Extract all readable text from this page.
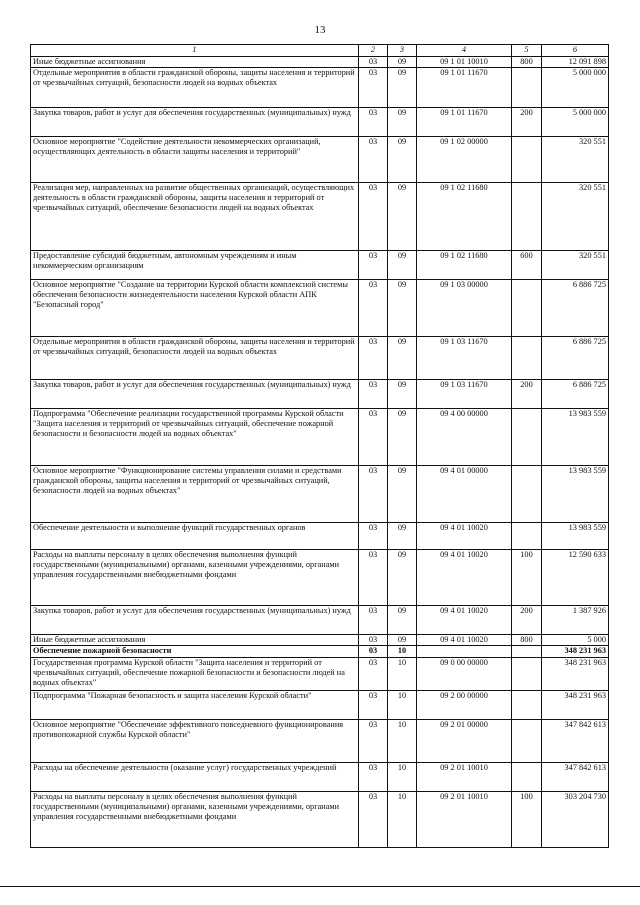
13
1	2	3	4	5	6
Иные бюджетные ассигнования	03	09	09 1 01 10010	800	12 091 898
Отдельные мероприятия в области гражданской обороны, защиты населения и территорий от чрезвычайных ситуаций, безопасности людей на водных объектах	03	09	09 1 01 11670		5 000 000
Закупка товаров, работ и услуг для обеспечения государственных (муниципальных) нужд	03	09	09 1 01 11670	200	5 000 000
Основное мероприятие "Содействие деятельности некоммерческих организаций, осуществляющих деятельность в области защиты населения и территорий"	03	09	09 1 02 00000		320 551
Реализация мер, направленных на развитие общественных организаций, осуществляющих деятельность в области гражданской обороны, защиты населения и территорий от чрезвычайных ситуаций, обеспечение безопасности людей на водных объектах	03	09	09 1 02 11680		320 551
Предоставление субсидий бюджетным, автономным учреждениям и иным некоммерческим организациям	03	09	09 1 02 11680	600	320 551
Основное мероприятие "Создание на территории Курской области комплексной системы обеспечения безопасности жизнедеятельности населения Курской области АПК "Безопасный город"	03	09	09 1 03 00000		6 886 725
Отдельные мероприятия в области гражданской обороны, защиты населения и территорий от чрезвычайных ситуаций, безопасности людей на водных объектах	03	09	09 1 03 11670		6 886 725
Закупка товаров, работ и услуг для обеспечения государственных (муниципальных) нужд	03	09	09 1 03 11670	200	6 886 725
Подпрограмма "Обеспечение реализации государственной программы Курской области "Защита населения и территорий от чрезвычайных ситуаций, обеспечение пожарной безопасности и безопасности людей на водных объектах"	03	09	09 4 00 00000		13 983 559
Основное мероприятие "Функционирование системы управления силами и средствами гражданской обороны, защиты населения и территорий от чрезвычайных ситуаций, безопасности людей на водных объектах"	03	09	09 4 01 00000		13 983 559
Обеспечение деятельности и выполнение функций государственных органов	03	09	09 4 01 10020		13 983 559
Расходы на выплаты персоналу в целях обеспечения выполнения функций государственными (муниципальными) органами, казенными учреждениями, органами управления государственными внебюджетными фондами	03	09	09 4 01 10020	100	12 590 633
Закупка товаров, работ и услуг для обеспечения государственных (муниципальных) нужд	03	09	09 4 01 10020	200	1 387 926
Иные бюджетные ассигнования	03	09	09 4 01 10020	800	5 000
Обеспечение пожарной безопасности	03	10			348 231 963
Государственная программа Курской области "Защита населения и территорий от чрезвычайных ситуаций, обеспечение пожарной безопасности и безопасности людей на водных объектах"	03	10	09 0 00 00000		348 231 963
Подпрограмма "Пожарная безопасность и защита населения Курской области"	03	10	09 2 00 00000		348 231 963
Основное мероприятие "Обеспечение эффективного повседневного функционирования противопожарной службы Курской области"	03	10	09 2 01 00000		347 842 613
Расходы на обеспечение деятельности (оказание услуг) государственных учреждений	03	10	09 2 01 10010		347 842 613
Расходы на выплаты персоналу в целях обеспечения выполнения функций государственными (муниципальными) органами, казенными учреждениями, органами управления государственными внебюджетными фондами	03	10	09 2 01 10010	100	303 204 730
